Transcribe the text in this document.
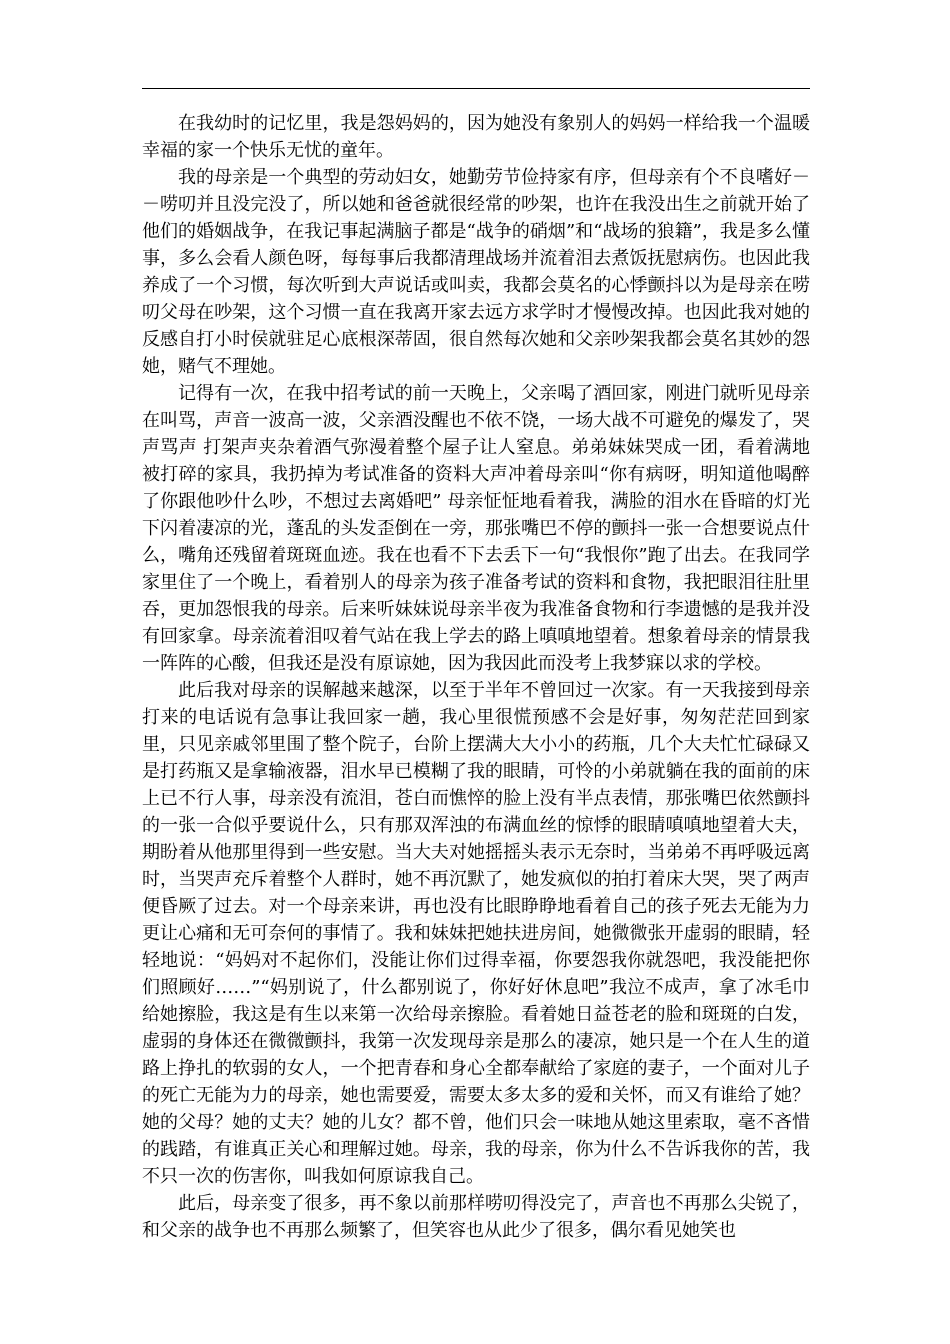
在我幼时的记忆里，我是怨妈妈的，因为她没有象别人的妈妈一样给我一个温暖幸福的家一个快乐无忧的童年。

我的母亲是一个典型的劳动妇女，她勤劳节俭持家有序，但母亲有个不良嗜好－－唠叨并且没完没了，所以她和爸爸就很经常的吵架，也许在我没出生之前就开始了他们的婚姻战争，在我记事起满脑子都是“战争的硝烟”和“战场的狼籍”，我是多么懂事，多么会看人颜色呀，每每事后我都清理战场并流着泪去煮饭抚慰病伤。也因此我养成了一个习惯，每次听到大声说话或叫卖，我都会莫名的心悸颤抖以为是母亲在唠叨父母在吵架，这个习惯一直在我离开家去远方求学时才慢慢改掉。也因此我对她的反感自打小时侯就驻足心底根深蒂固，很自然每次她和父亲吵架我都会莫名其妙的怨她，赌气不理她。

记得有一次，在我中招考试的前一天晚上，父亲喝了酒回家，刚进门就听见母亲在叫骂，声音一波高一波，父亲酒没醒也不依不饶，一场大战不可避免的爆发了，哭声骂声 打架声夹杂着酒气弥漫着整个屋子让人窒息。弟弟妹妹哭成一团，看着满地被打碎的家具，我扔掉为考试准备的资料大声冲着母亲叫“你有病呀，明知道他喝醉了你跟他吵什么吵，不想过去离婚吧” 母亲怔怔地看着我，满脸的泪水在昏暗的灯光下闪着凄凉的光，蓬乱的头发歪倒在一旁，那张嘴巴不停的颤抖一张一合想要说点什么，嘴角还残留着斑斑血迹。我在也看不下去丢下一句“我恨你”跑了出去。在我同学家里住了一个晚上，看着别人的母亲为孩子准备考试的资料和食物，我把眼泪往肚里吞，更加怨恨我的母亲。后来听妹妹说母亲半夜为我准备食物和行李遗憾的是我并没有回家拿。母亲流着泪叹着气站在我上学去的路上嗔嗔地望着。想象着母亲的情景我一阵阵的心酸，但我还是没有原谅她，因为我因此而没考上我梦寐以求的学校。

此后我对母亲的误解越来越深，以至于半年不曾回过一次家。有一天我接到母亲打来的电话说有急事让我回家一趟，我心里很慌预感不会是好事，匆匆茫茫回到家里，只见亲戚邻里围了整个院子，台阶上摆满大大小小的药瓶，几个大夫忙忙碌碌又是打药瓶又是拿输液器，泪水早已模糊了我的眼睛，可怜的小弟就躺在我的面前的床上已不行人事，母亲没有流泪，苍白而憔悴的脸上没有半点表情，那张嘴巴依然颤抖的一张一合似乎要说什么，只有那双浑浊的布满血丝的惊悸的眼睛嗔嗔地望着大夫，期盼着从他那里得到一些安慰。当大夫对她摇摇头表示无奈时，当弟弟不再呼吸远离时，当哭声充斥着整个人群时，她不再沉默了，她发疯似的拍打着床大哭，哭了两声便昏厥了过去。对一个母亲来讲，再也没有比眼睁睁地看着自己的孩子死去无能为力更让心痛和无可奈何的事情了。我和妹妹把她扶进房间，她微微张开虚弱的眼睛，轻轻地说：“妈妈对不起你们，没能让你们过得幸福，你要怨我你就怨吧，我没能把你们照顾好……”“妈别说了，什么都别说了，你好好休息吧”我泣不成声，拿了冰毛巾给她擦脸，我这是有生以来第一次给母亲擦脸。看着她日益苍老的脸和斑斑的白发，虚弱的身体还在微微颤抖，我第一次发现母亲是那么的凄凉，她只是一个在人生的道路上挣扎的软弱的女人，一个把青春和身心全都奉献给了家庭的妻子，一个面对儿子的死亡无能为力的母亲，她也需要爱，需要太多太多的爱和关怀，而又有谁给了她？她的父母？她的丈夫？她的儿女？都不曾，他们只会一味地从她这里索取，毫不吝惜的践踏，有谁真正关心和理解过她。母亲，我的母亲，你为什么不告诉我你的苦，我不只一次的伤害你，叫我如何原谅我自己。

此后，母亲变了很多，再不象以前那样唠叨得没完了，声音也不再那么尖锐了，和父亲的战争也不再那么频繁了，但笑容也从此少了很多，偶尔看见她笑也
